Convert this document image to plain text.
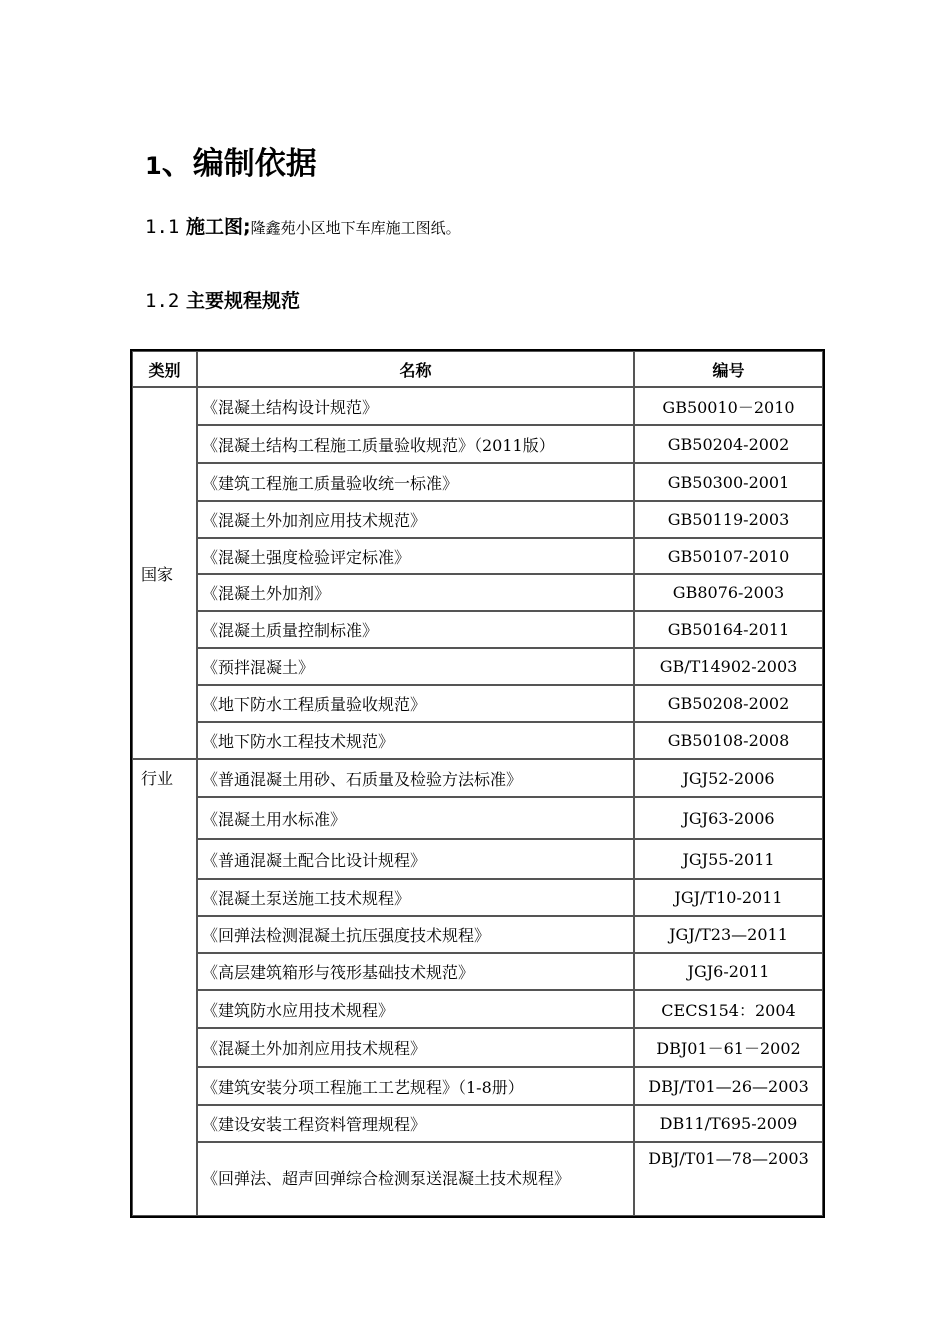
1、编制依据
1.1 施工图;隆鑫苑小区地下车库施工图纸。
1.2 主要规程规范
类别	名称	编号
国家	《混凝土结构设计规范》	GB50010－2010
	《混凝土结构工程施工质量验收规范》（2011版）	GB50204-2002
	《建筑工程施工质量验收统一标准》	GB50300-2001
	《混凝土外加剂应用技术规范》	GB50119-2003
	《混凝土强度检验评定标准》	GB50107-2010
	《混凝土外加剂》	GB8076-2003
	《混凝土质量控制标准》	GB50164-2011
	《预拌混凝土》	GB/T14902-2003
	《地下防水工程质量验收规范》	GB50208-2002
	《地下防水工程技术规范》	GB50108-2008
行业	《普通混凝土用砂、石质量及检验方法标准》	JGJ52-2006
	《混凝土用水标准》	JGJ63-2006
	《普通混凝土配合比设计规程》	JGJ55-2011
	《混凝土泵送施工技术规程》	JGJ/T10-2011
	《回弹法检测混凝土抗压强度技术规程》	JGJ/T23—2011
	《高层建筑箱形与筏形基础技术规范》	JGJ6-2011
	《建筑防水应用技术规程》	CECS154：2004
	《混凝土外加剂应用技术规程》	DBJ01－61－2002
	《建筑安装分项工程施工工艺规程》（1-8册）	DBJ/T01—26—2003
	《建设安装工程资料管理规程》	DB11/T695-2009
	《回弹法、超声回弹综合检测泵送混凝土技术规程》	DBJ/T01—78—2003
